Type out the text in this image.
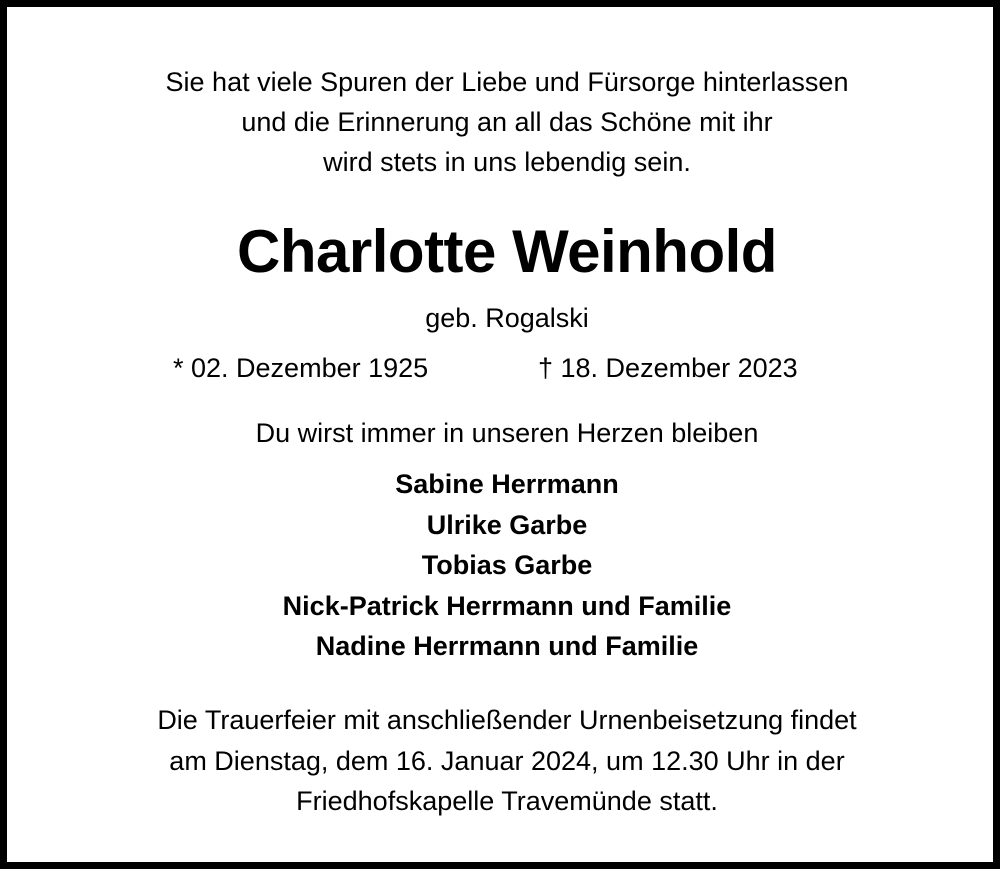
Sie hat viele Spuren der Liebe und Fürsorge hinterlassen
und die Erinnerung an all das Schöne mit ihr
wird stets in uns lebendig sein.
Charlotte Weinhold
geb. Rogalski
* 02. Dezember 1925	† 18. Dezember 2023
Du wirst immer in unseren Herzen bleiben
Sabine Herrmann
Ulrike Garbe
Tobias Garbe
Nick-Patrick Herrmann und Familie
Nadine Herrmann und Familie
Die Trauerfeier mit anschließender Urnenbeisetzung findet
am Dienstag, dem 16. Januar 2024, um 12.30 Uhr in der
Friedhofskapelle Travemünde statt.
